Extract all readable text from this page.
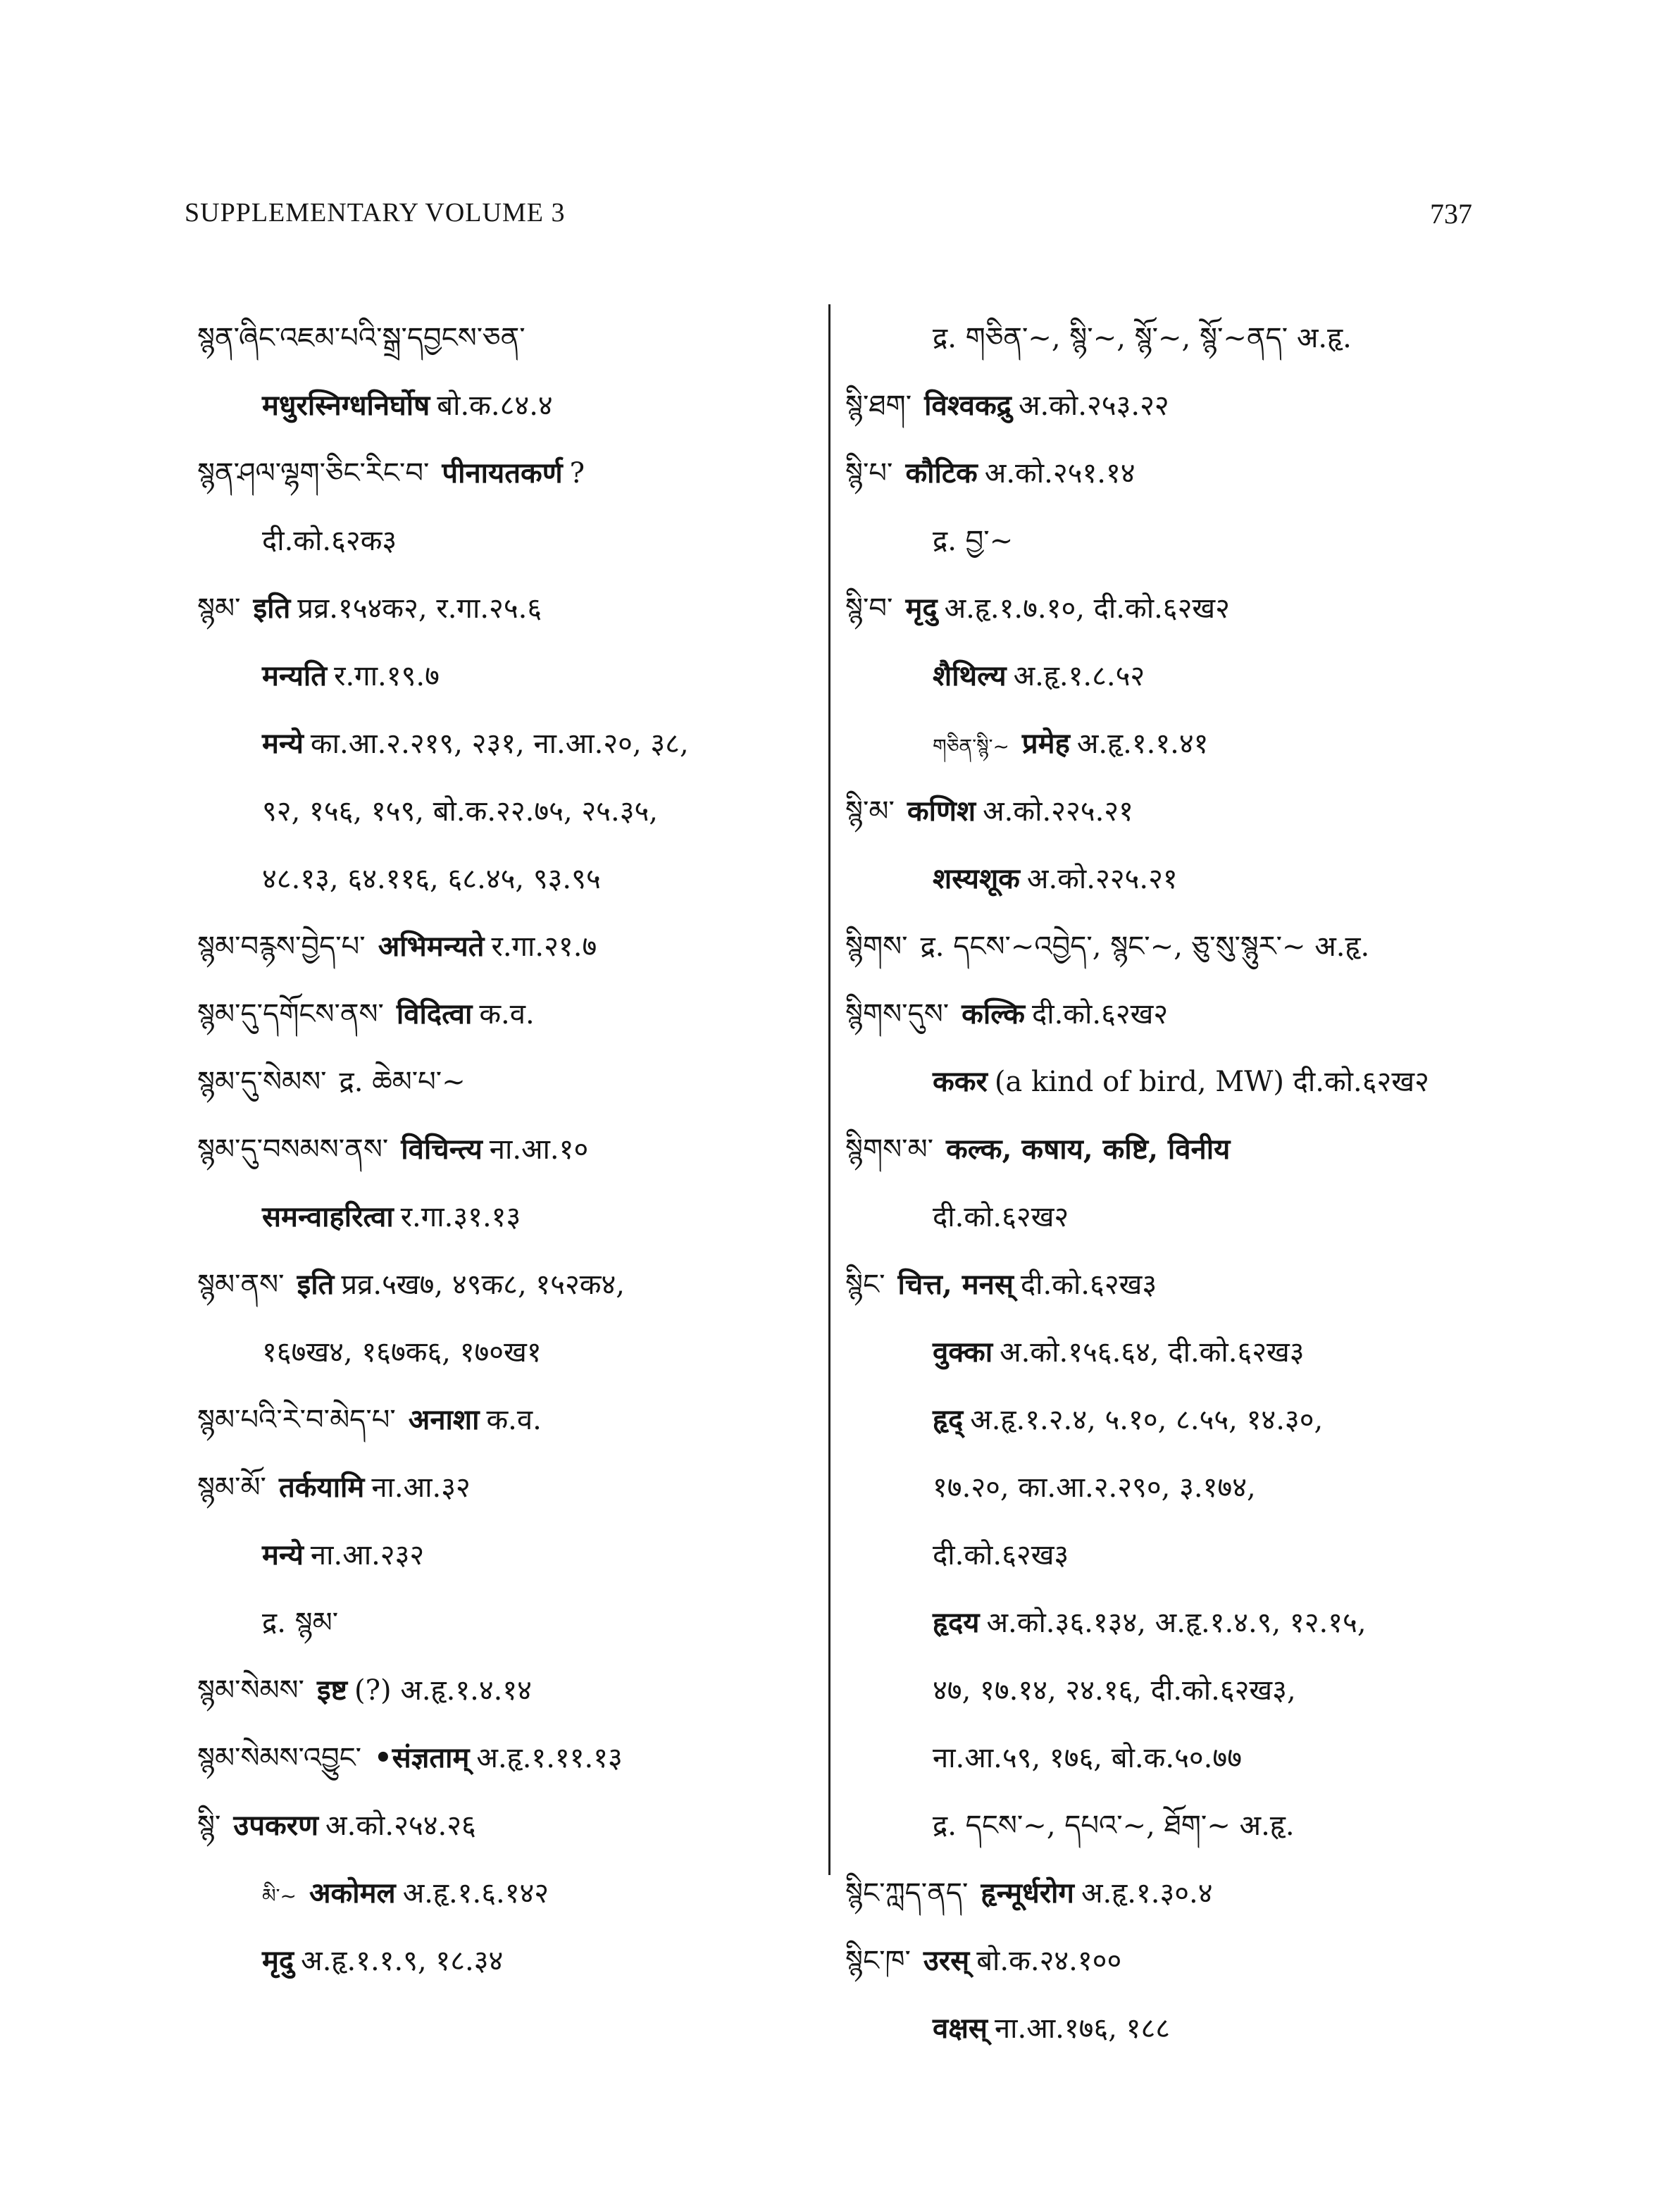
SUPPLEMENTARY VOLUME 3	737
སྙན་ཞིང་འཇམ་པའི་སྒྲ་དབྱངས་ཅན་
मधुरस्निग्धनिर्घोष बो.क.८४.४
སྙན་ཤལ་ལྷག་ཅིང་རིང་བ་ पीनायतकर्ण ?
दी.को.६२क३
སྙམ་ इति प्रव्र.१५४क२, र.गा.२५.६
मन्यति र.गा.१९.७
मन्ये का.आ.२.२१९, २३१, ना.आ.२०, ३८,
९२, १५६, १५९, बो.क.२२.७५, २५.३५,
४८.१३, ६४.११६, ६८.४५, ९३.९५
སྙམ་བརྙས་བྱེད་པ་ अभिमन्यते र.गा.२१.७
སྙམ་དུ་དགོངས་ནས་ विदित्वा क.व.
སྙམ་དུ་སེམས་ द्र. ཆེམ་པ་~
སྙམ་དུ་བསམས་ནས་ विचिन्त्य ना.आ.१०
समन्वाहरित्वा र.गा.३१.१३
སྙམ་ནས་ इति प्रव्र.५ख७, ४९क८, १५२क४,
१६७ख४, १६७क६, १७०ख१
སྙམ་པའི་རེ་བ་མེད་པ་ अनाशा क.व.
སྙམ་མོ་ तर्कयामि ना.आ.३२
मन्ये ना.आ.२३२
द्र. སྙམ་
སྙམ་སེམས་ इष्ट (?) अ.हृ.१.४.१४
སྙམ་སེམས་འབྱུང་ •संज्ञताम् अ.हृ.१.११.१३
སྙི་ उपकरण अ.को.२५४.२६
མི་~ अकोमल अ.हृ.१.६.१४२
मृदु अ.हृ.१.१.९, १८.३४
द्र. གཅིན་~, སྙི་~, སྙོ་~, སྙོ་~ནད་ अ.हृ.
སྙི་ཐག་ विश्वकद्रु अ.को.२५३.२२
སྙི་པ་ कौटिक अ.को.२५१.१४
द्र. བྱ་~
སྙི་བ་ मृदु अ.हृ.१.७.१०, दी.को.६२ख२
शैथिल्य अ.हृ.१.८.५२
གཅིན་སྙི་~ प्रमेह अ.हृ.१.१.४१
སྙི་མ་ कणिश अ.को.२२५.२१
शस्यशूक अ.को.२२५.२१
སྙིགས་ द्र. དངས་~འབྱེད་, སྙང་~, ཅུ་སུ་སྙུར་~ अ.हृ.
སྙིགས་དུས་ कल्कि दी.को.६२ख२
ककर (a kind of bird, MW) दी.को.६२ख२
སྙིགས་མ་ कल्क, कषाय, कष्टि, विनीय
दी.को.६२ख२
སྙིང་ चित्त, मनस् दी.को.६२ख३
वुक्का अ.को.१५६.६४, दी.को.६२ख३
हृद् अ.हृ.१.२.४, ५.१०, ८.५५, १४.३०,
१७.२०, का.आ.२.२९०, ३.१७४,
दी.को.६२ख३
हृदय अ.को.३६.१३४, अ.हृ.१.४.९, १२.१५,
४७, १७.१४, २४.१६, दी.को.६२ख३,
ना.आ.५९, १७६, बो.क.५०.७७
द्र. དངས་~, དཔའ་~, ཐོག་~ अ.हृ.
སྙིང་ཀླད་ནད་ हृन्मूर्धरोग अ.हृ.१.३०.४
སྙིང་ཁ་ उरस् बो.क.२४.१००
वक्षस् ना.आ.१७६, १८८
